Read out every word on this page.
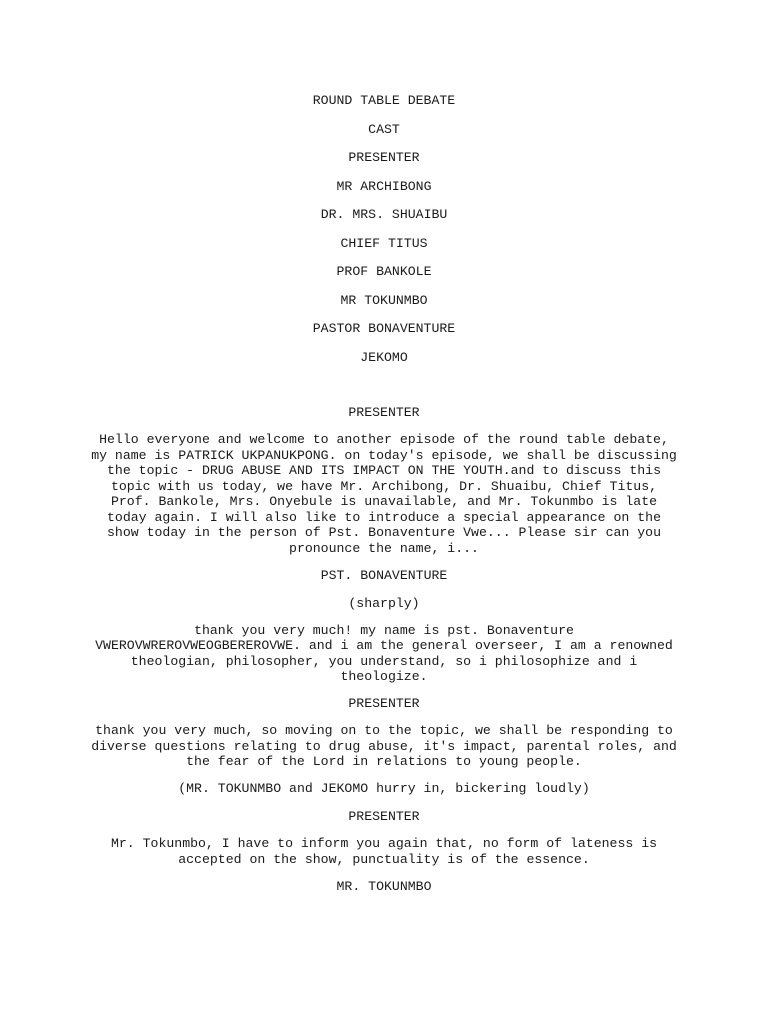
ROUND TABLE DEBATE
CAST
PRESENTER
MR ARCHIBONG
DR. MRS. SHUAIBU
CHIEF TITUS
PROF BANKOLE
MR TOKUNMBO
PASTOR BONAVENTURE
JEKOMO
PRESENTER
Hello everyone and welcome to another episode of the round table debate, my name is PATRICK UKPANUKPONG. on today's episode, we shall be discussing the topic - DRUG ABUSE AND ITS IMPACT ON THE YOUTH.and to discuss this topic with us today, we have Mr. Archibong, Dr. Shuaibu, Chief Titus, Prof. Bankole, Mrs. Onyebule is unavailable, and Mr. Tokunmbo is late today again. I will also like to introduce a special appearance on the show today in the person of Pst. Bonaventure Vwe... Please sir can you pronounce the name, i...
PST. BONAVENTURE
(sharply)
thank you very much! my name is pst. Bonaventure VWEROVWREROVWEOGBEREROVWE. and i am the general overseer, I am a renowned theologian, philosopher, you understand, so i philosophize and i theologize.
PRESENTER
thank you very much, so moving on to the topic, we shall be responding to diverse questions relating to drug abuse, it's impact, parental roles, and the fear of the Lord in relations to young people.
(MR. TOKUNMBO and JEKOMO hurry in, bickering loudly)
PRESENTER
Mr. Tokunmbo, I have to inform you again that, no form of lateness is accepted on the show, punctuality is of the essence.
MR. TOKUNMBO
